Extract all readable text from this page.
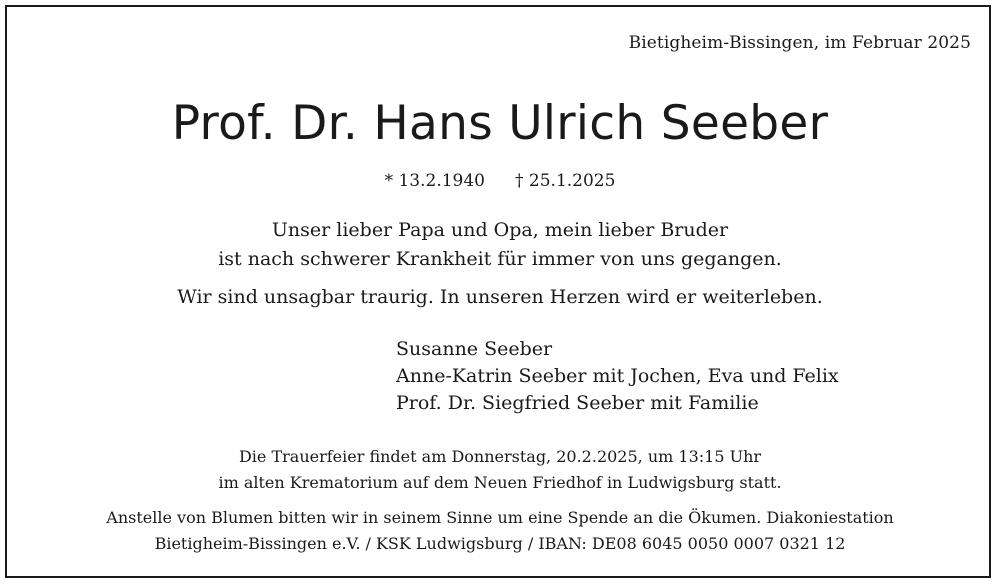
Bietigheim-Bissingen, im Februar 2025
Prof. Dr. Hans Ulrich Seeber
* 13.2.1940 † 25.1.2025
Unser lieber Papa und Opa, mein lieber Bruder
ist nach schwerer Krankheit für immer von uns gegangen.
Wir sind unsagbar traurig. In unseren Herzen wird er weiterleben.
Susanne Seeber
Anne-Katrin Seeber mit Jochen, Eva und Felix
Prof. Dr. Siegfried Seeber mit Familie
Die Trauerfeier findet am Donnerstag, 20.2.2025, um 13:15 Uhr
im alten Krematorium auf dem Neuen Friedhof in Ludwigsburg statt.
Anstelle von Blumen bitten wir in seinem Sinne um eine Spende an die Ökumen. Diakoniestation
Bietigheim-Bissingen e.V. / KSK Ludwigsburg / IBAN: DE08 6045 0050 0007 0321 12
